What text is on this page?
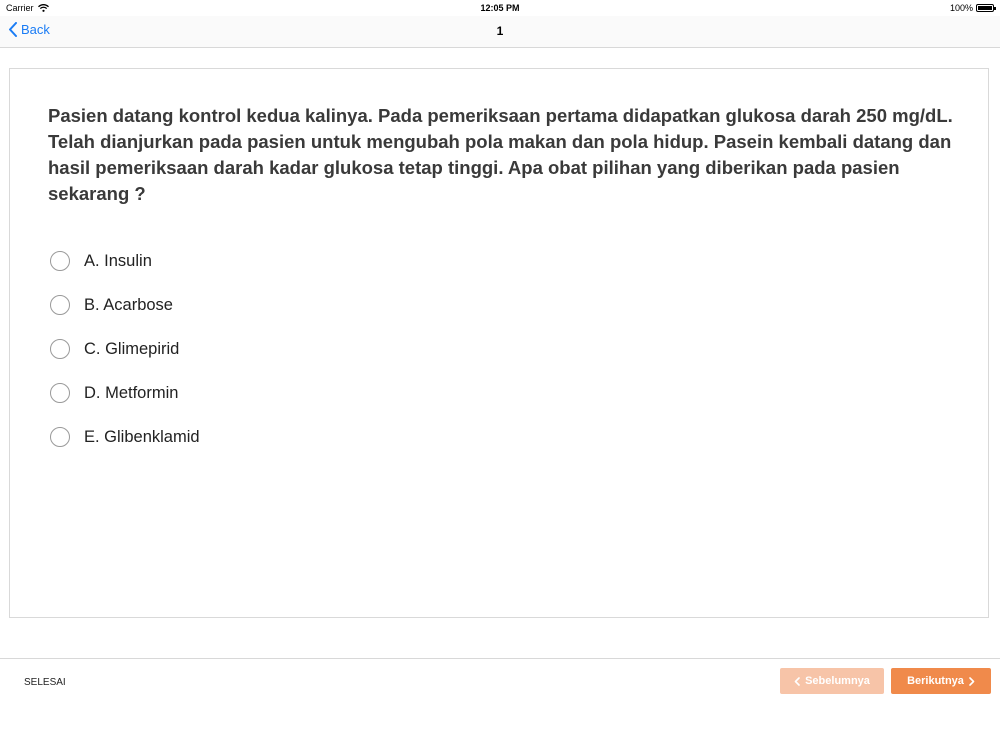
Carrier	12:05 PM	100%
Back	1

Pasien datang kontrol kedua kalinya. Pada pemeriksaan pertama didapatkan glukosa darah 250 mg/dL. Telah dianjurkan pada pasien untuk mengubah pola makan dan pola hidup. Pasein kembali datang dan hasil pemeriksaan darah kadar glukosa tetap tinggi. Apa obat pilihan yang diberikan pada pasien sekarang ?

A. Insulin
B. Acarbose
C. Glimepirid
D. Metformin
E. Glibenklamid
SELESAI	Sebelumnya	Berikutnya
